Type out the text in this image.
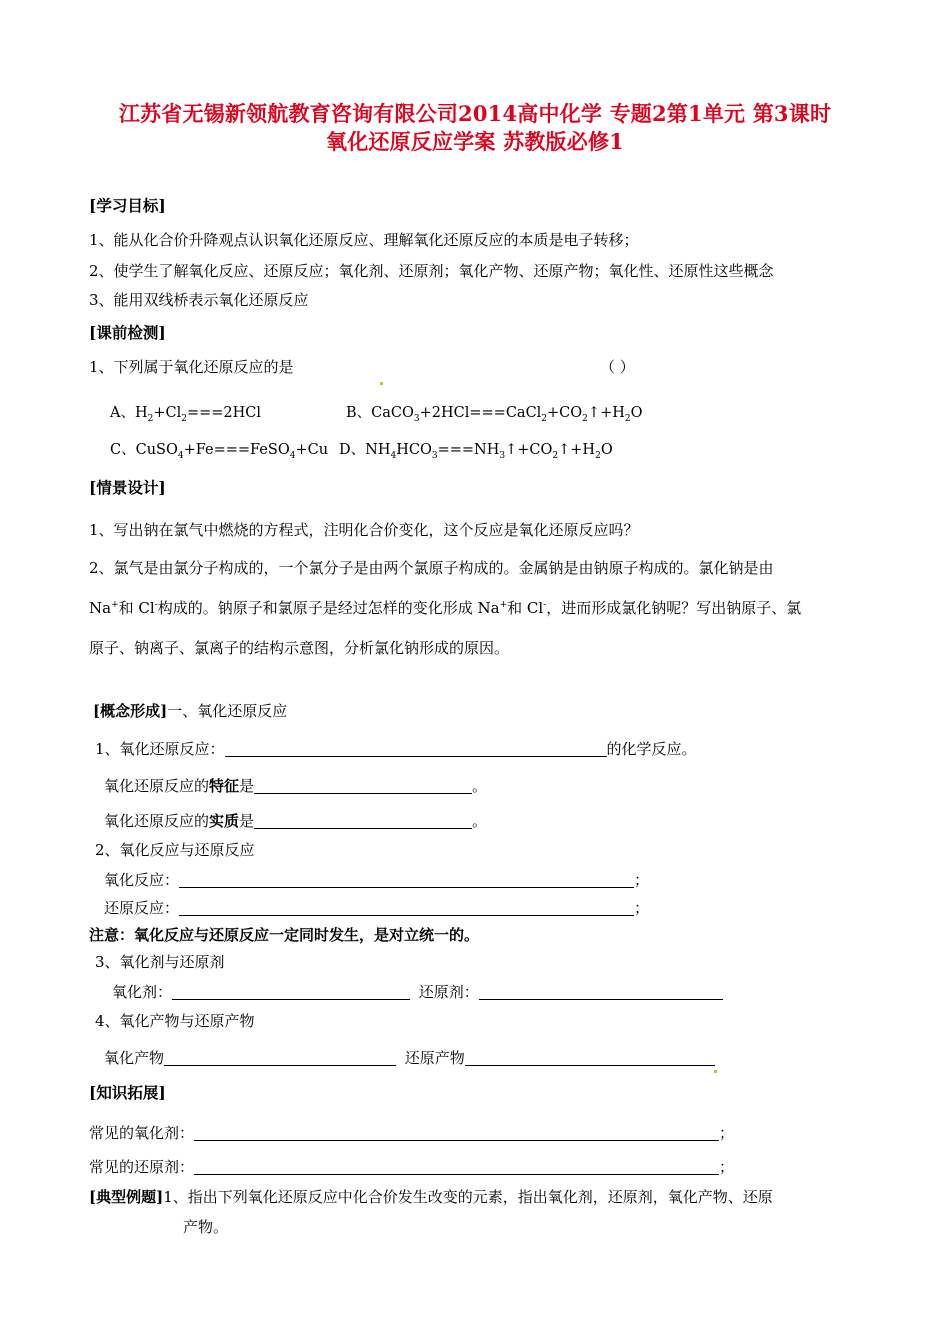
江苏省无锡新领航教育咨询有限公司2014高中化学 专题2第1单元 第3课时
氧化还原反应学案 苏教版必修1
[学习目标]
1、能从化合价升降观点认识氧化还原反应、理解氧化还原反应的本质是电子转移；
2、使学生了解氧化反应、还原反应；氧化剂、还原剂；氧化产物、还原产物；氧化性、还原性这些概念
3、能用双线桥表示氧化还原反应
[课前检测]
1、下列属于氧化还原反应的是	（ ）
A、$H_2+Cl_2===2HCl$	B、$CaCO_3+2HCl===CaCl_2+CO_2↑+H_2O$
C、CuSO$_4$+Fe===FeSO$_4$+Cu D、$NH_4HCO_3===NH_3↑+CO_2↑+H_2O$
[情景设计]
1、写出钠在氯气中燃烧的方程式，注明化合价变化，这个反应是氧化还原反应吗？
2、氯气是由氯分子构成的，一个氯分子是由两个氯原子构成的。金属钠是由钠原子构成的。氯化钠是由
Na+和 Cl-构成的。钠原子和氯原子是经过怎样的变化形成 Na+和 Cl-，进而形成氯化钠呢？写出钠原子、氯
原子、钠离子、氯离子的结构示意图，分析氯化钠形成的原因。
[概念形成]一、氧化还原反应
1、氧化还原反应：	的化学反应。
氧化还原反应的特征是	。
氧化还原反应的实质是	。
2、氧化反应与还原反应
氧化反应：	；
还原反应：	；
注意：氧化反应与还原反应一定同时发生，是对立统一的。
3、氧化剂与还原剂
氧化剂：	还原剂：
4、氧化产物与还原产物
氧化产物	还原产物
[知识拓展]
常见的氧化剂：	；
常见的还原剂：	；
[典型例题]1、指出下列氧化还原反应中化合价发生改变的元素，指出氧化剂，还原剂，氧化产物、还原
产物。
